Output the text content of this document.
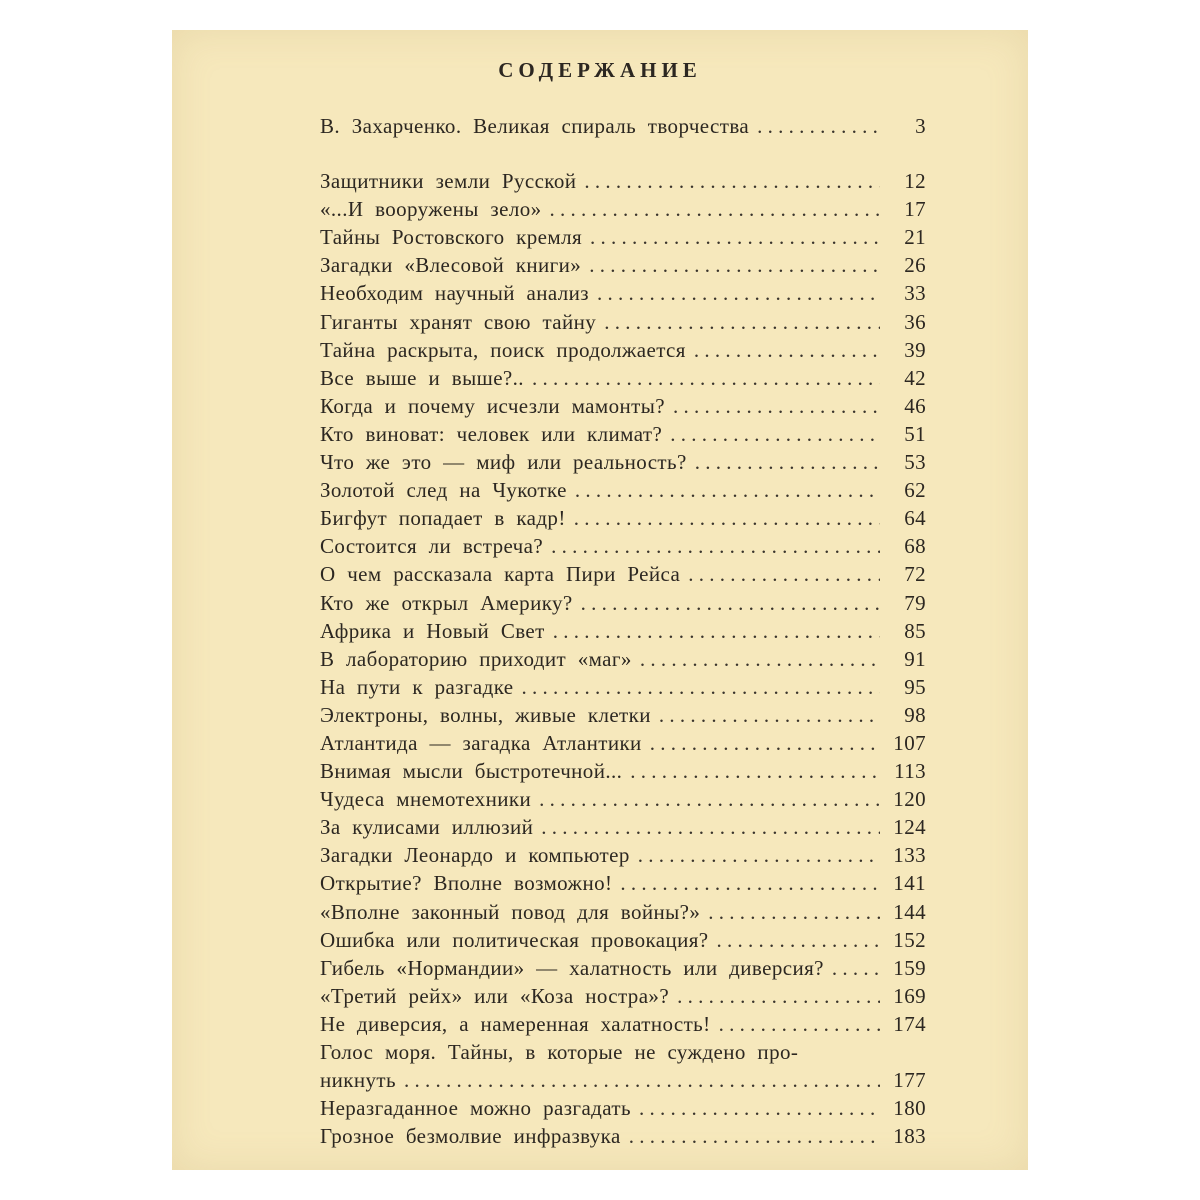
СОДЕРЖАНИЕ
В. Захарченко. Великая спираль творчества . . .	3
Защитники земли Русской . . .	12
«...И вооружены зело» . . .	17
Тайны Ростовского кремля . . .	21
Загадки «Влесовой книги» . . .	26
Необходим научный анализ . . .	33
Гиганты хранят свою тайну . . .	36
Тайна раскрыта, поиск продолжается . . .	39
Все выше и выше?.. . . .	42
Когда и почему исчезли мамонты? . . .	46
Кто виноват: человек или климат? . . .	51
Что же это — миф или реальность? . . .	53
Золотой след на Чукотке . . .	62
Бигфут попадает в кадр! . . .	64
Состоится ли встреча? . . .	68
О чем рассказала карта Пири Рейса . . .	72
Кто же открыл Америку? . . .	79
Африка и Новый Свет . . .	85
В лабораторию приходит «маг» . . .	91
На пути к разгадке . . .	95
Электроны, волны, живые клетки . . .	98
Атлантида — загадка Атлантики . . .	107
Внимая мысли быстротечной... . . .	113
Чудеса мнемотехники . . .	120
За кулисами иллюзий . . .	124
Загадки Леонардо и компьютер . . .	133
Открытие? Вполне возможно! . . .	141
«Вполне законный повод для войны?» . . .	144
Ошибка или политическая провокация? . . .	152
Гибель «Нормандии» — халатность или диверсия? . . .	159
«Третий рейх» или «Коза ностра»? . . .	169
Не диверсия, а намеренная халатность! . . .	174
Голос моря. Тайны, в которые не суждено про-
никнуть . . .	177
Неразгаданное можно разгадать . . .	180
Грозное безмолвие инфразвука . . .	183
